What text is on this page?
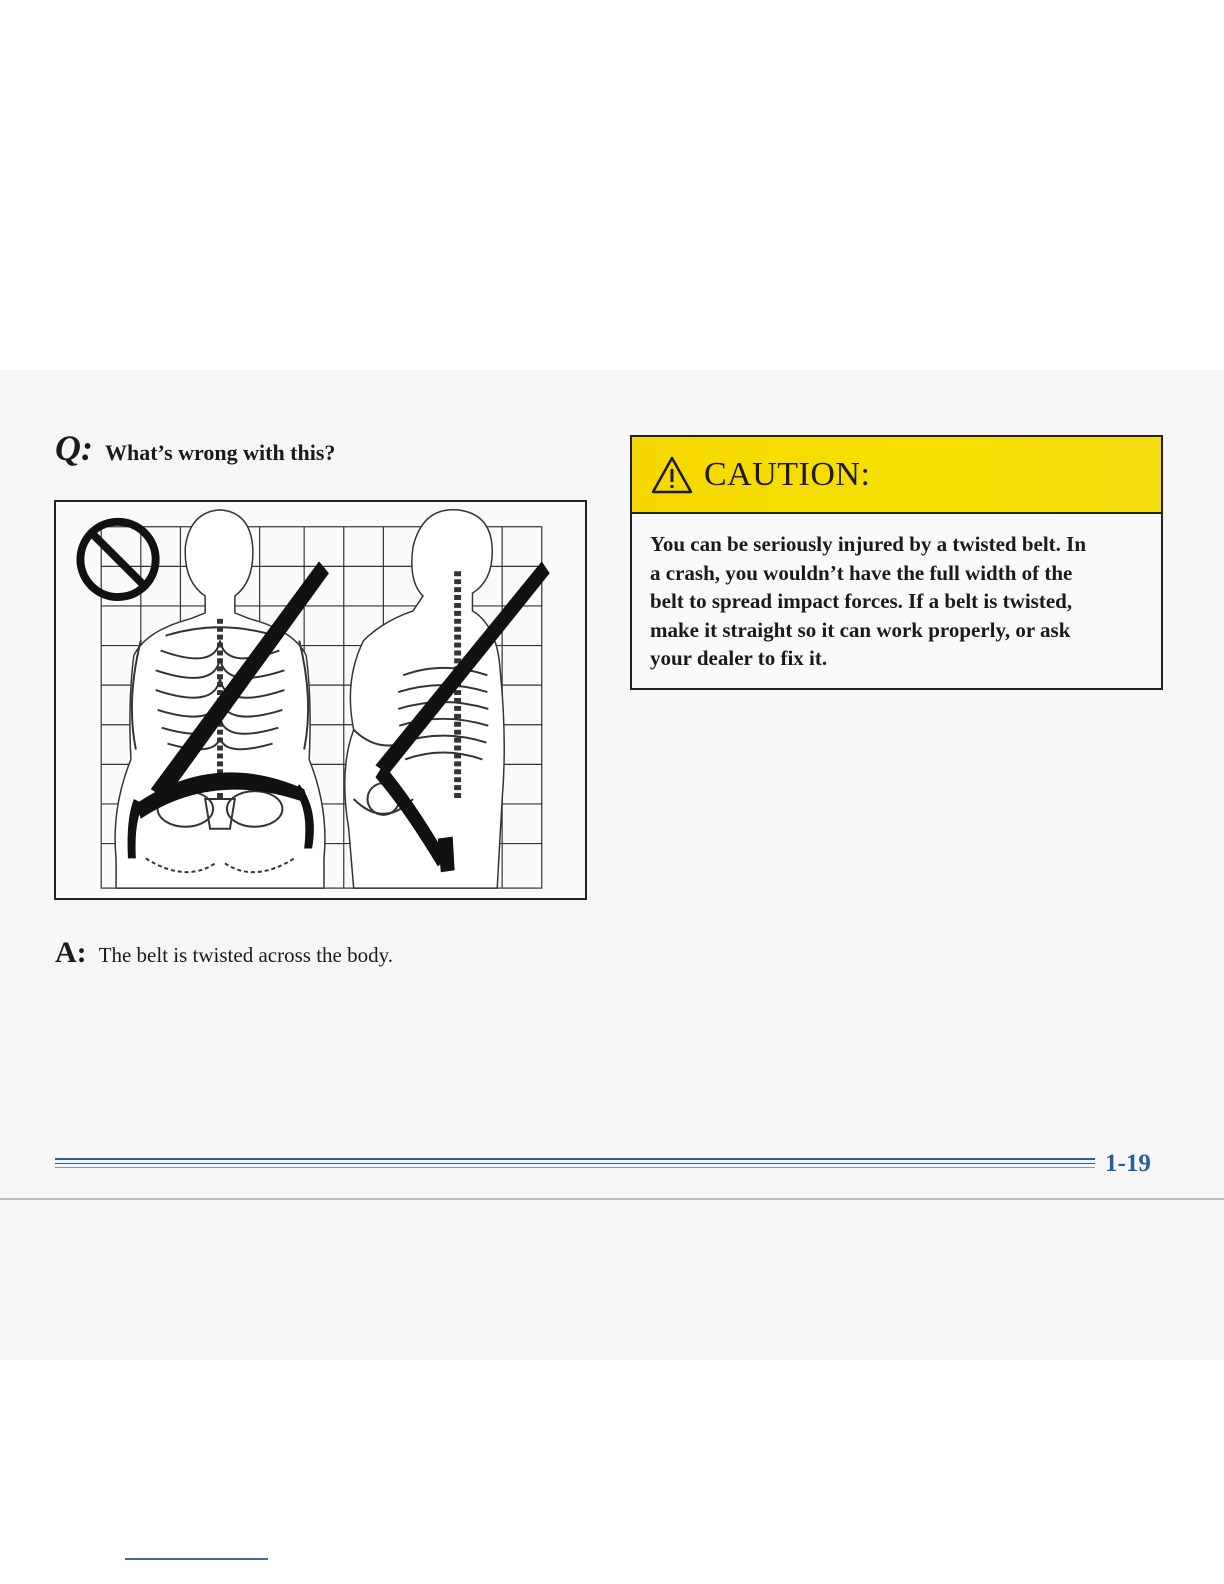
Q: What’s wrong with this?
A: The belt is twisted across the body.
CAUTION:
You can be seriously injured by a twisted belt. In
a crash, you wouldn’t have the full width of the
belt to spread impact forces. If a belt is twisted,
make it straight so it can work properly, or ask
your dealer to fix it.
1-19
